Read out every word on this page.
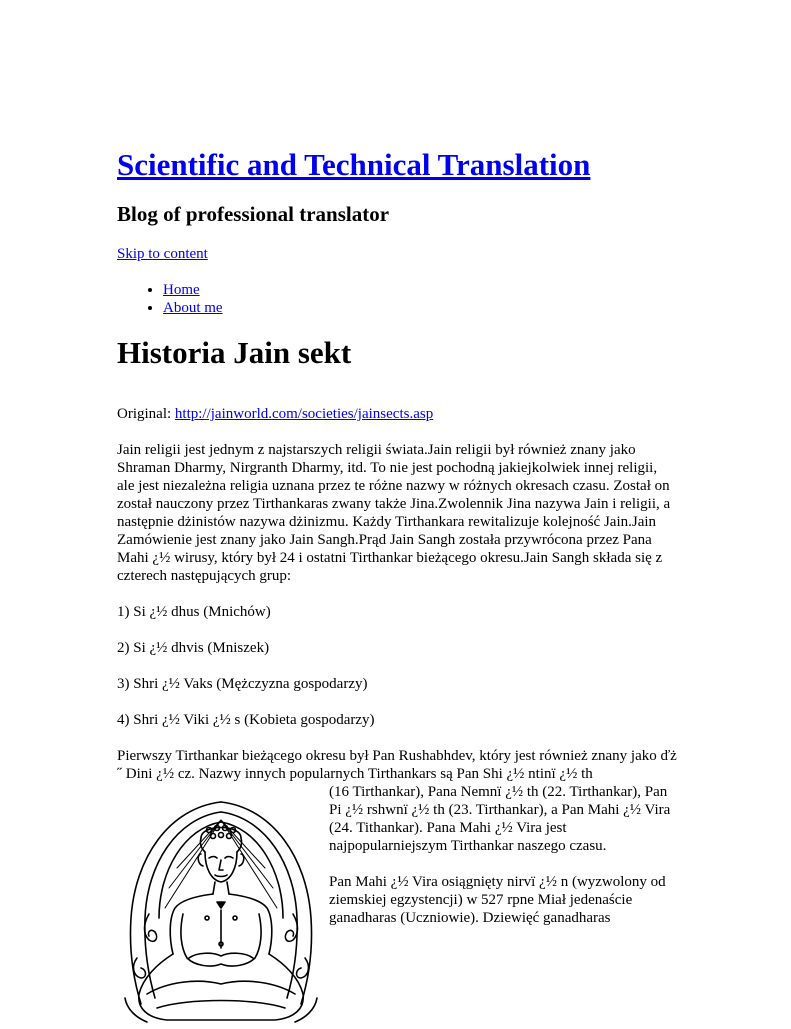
Scientific and Technical Translation
Blog of professional translator
Skip to content
• Home
• About me
Historia Jain sekt
Original: http://jainworld.com/societies/jainsects.asp

Jain religii jest jednym z najstarszych religii świata.Jain religii był również znany jako Shraman Dharmy, Nirgranth Dharmy, itd. To nie jest pochodną jakiejkolwiek innej religii, ale jest niezależna religia uznana przez te różne nazwy w różnych okresach czasu. Został on został nauczony przez Tirthankaras zwany także Jina.Zwolennik Jina nazywa Jain i religii, a następnie dżinistów nazywa dżinizmu. Każdy Tirthankara rewitalizuje kolejność Jain.Jain Zamówienie jest znany jako Jain Sangh.Prąd Jain Sangh została przywrócona przez Pana Mahi ¿½ wirusy, który był 24 i ostatni Tirthankar bieżącego okresu.Jain Sangh składa się z czterech następujących grup:

1) Si ¿½ dhus (Mnichów)

2) Si ¿½ dhvis (Mniszek)

3) Shri ¿½ Vaks (Mężczyzna gospodarzy)

4) Shri ¿½ Viki ¿½ s (Kobieta gospodarzy)

Pierwszy Tirthankar bieżącego okresu był Pan Rushabhdev, który jest również znany jako ďż ˝ Dini ¿½ cz. Nazwy innych popularnych Tirthankars są Pan Shi ¿½ ntinï ¿½ th

(16 Tirthankar), Pana Nemnï ¿½ th (22. Tirthankar), Pan Pi ¿½ rshwnï ¿½ th (23. Tirthankar), a Pan Mahi ¿½ Vira (24. Tithankar). Pana Mahi ¿½ Vira jest najpopularniejszym Tirthankar naszego czasu.

Pan Mahi ¿½ Vira osiągnięty nirvï ¿½ n (wyzwolony od ziemskiej egzystencji) w 527 rpne Miał jedenaście ganadharas (Uczniowie). Dziewięć ganadharas
